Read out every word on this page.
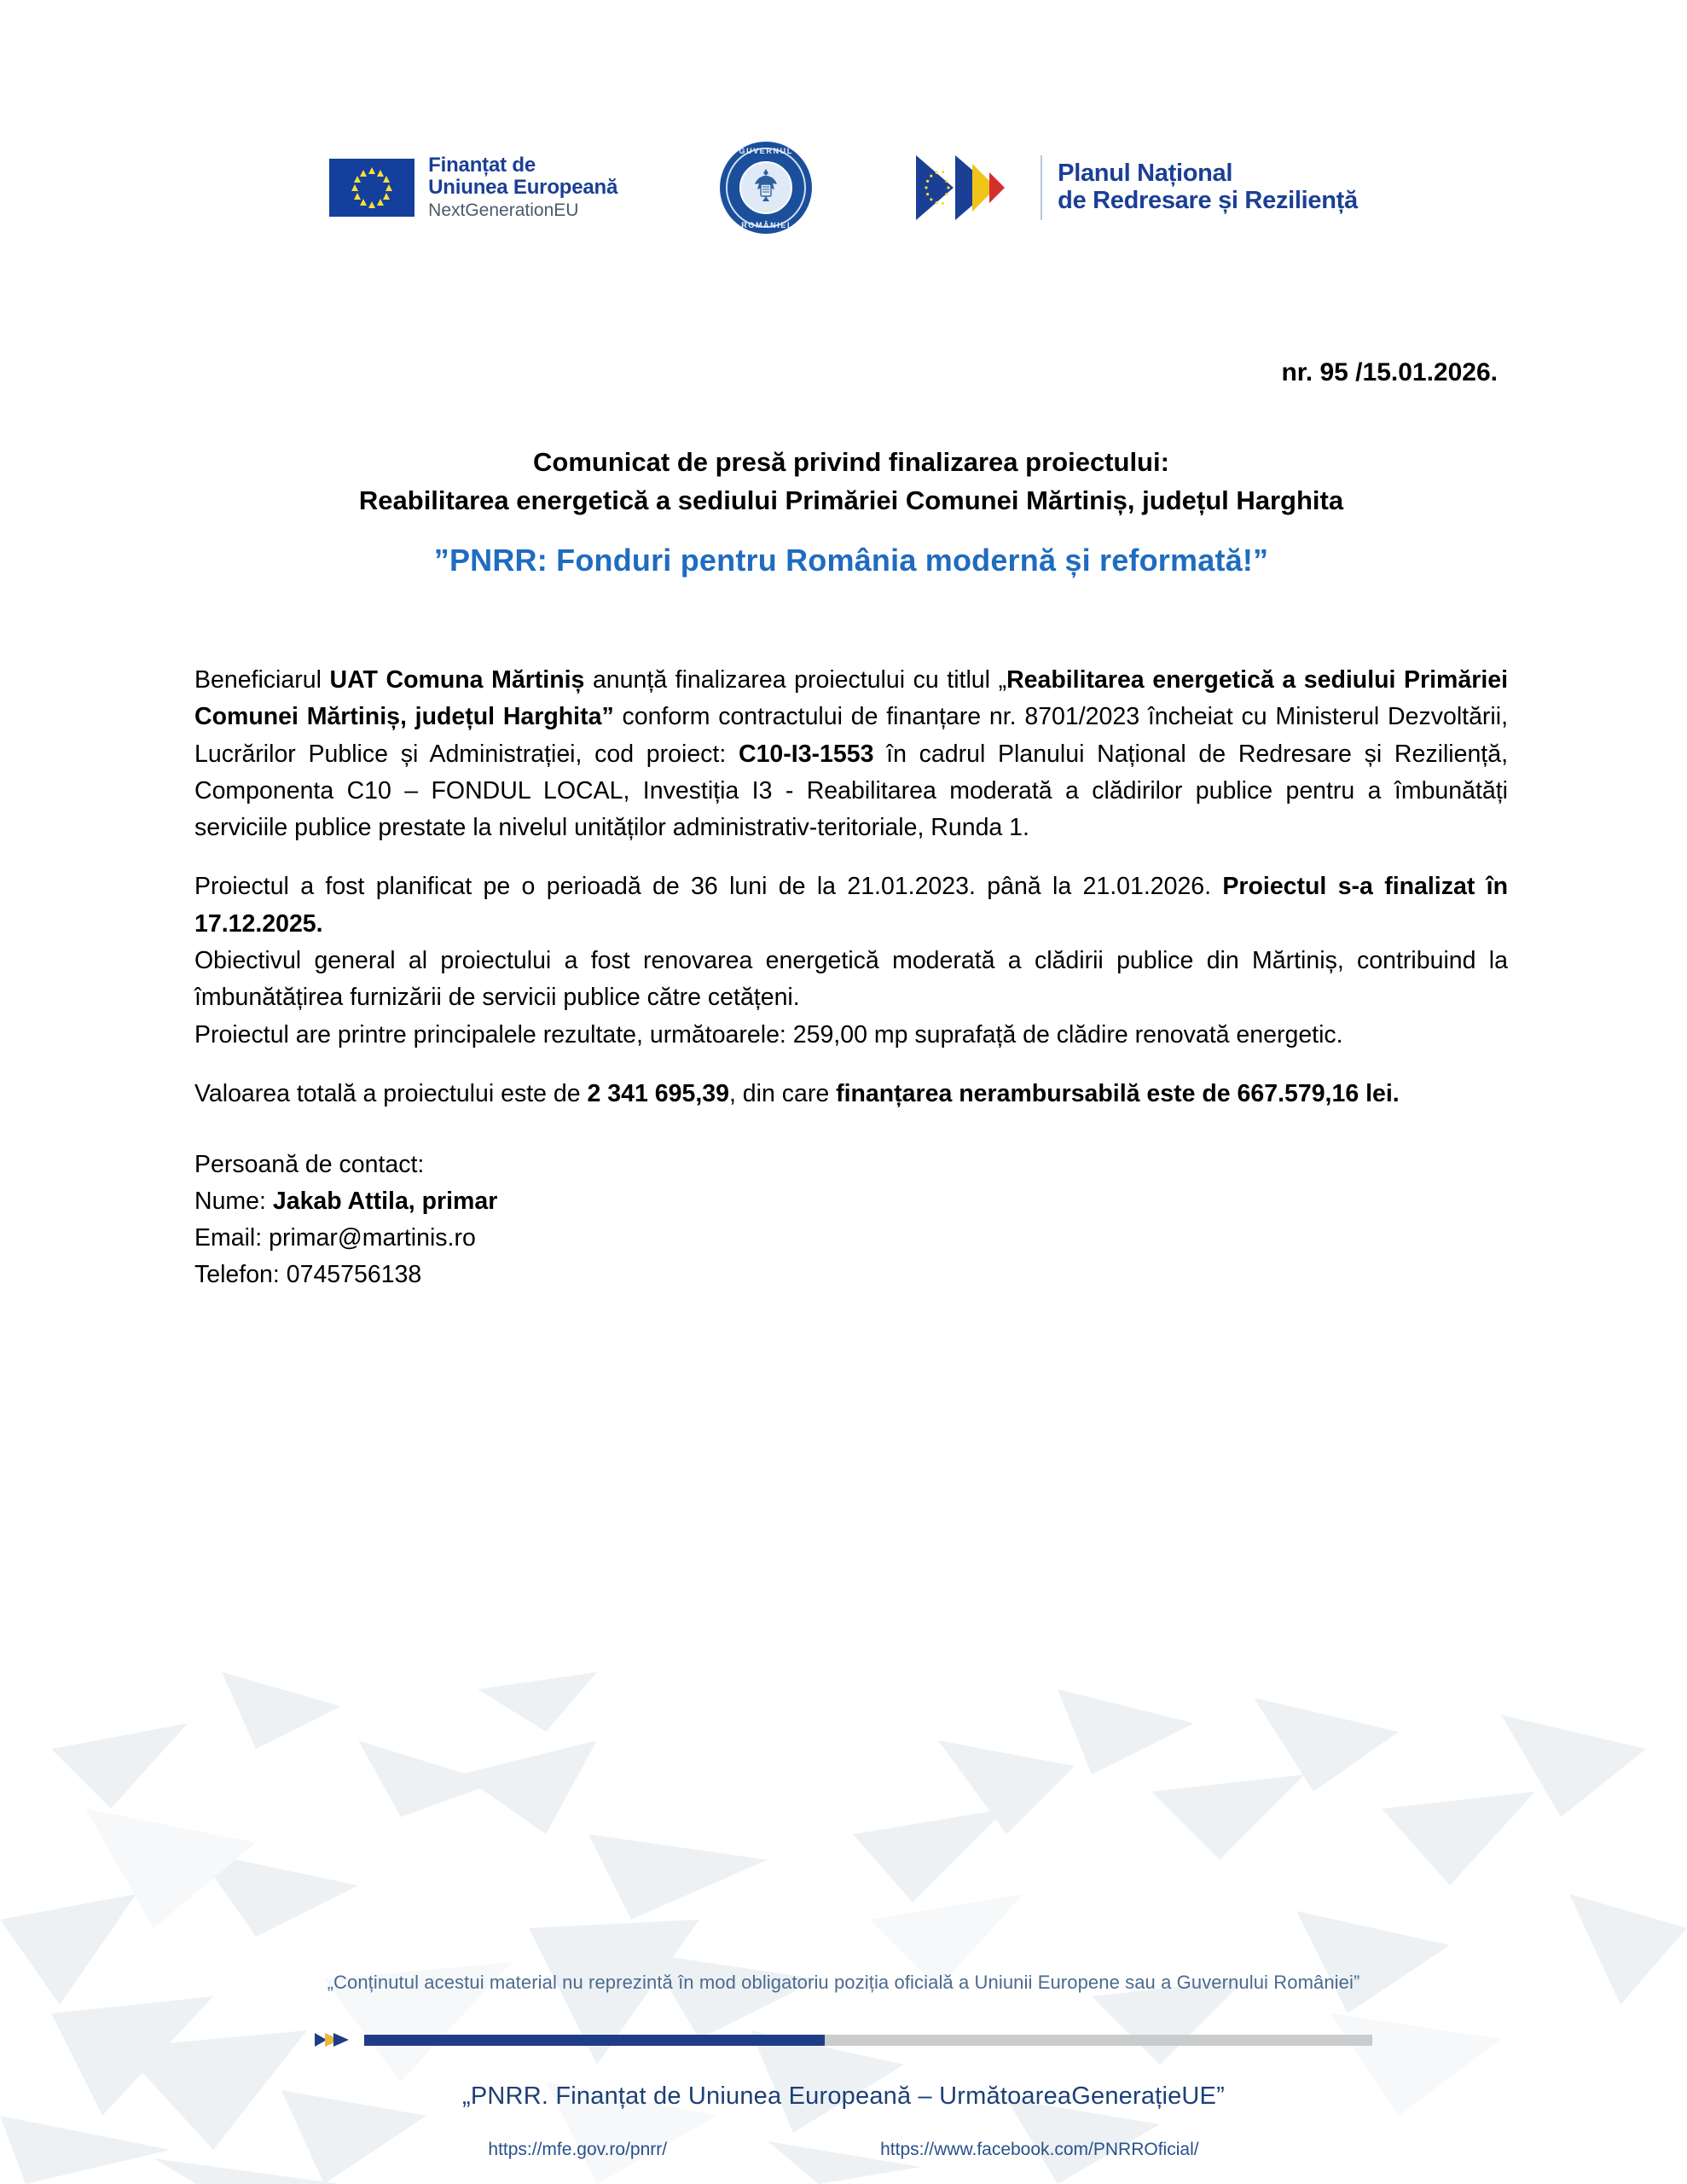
Finanțat de
Uniunea Europeană
NextGenerationEU
GUVERNUL
ROMÂNIEI
Planul Național
de Redresare și Reziliență
nr. 95 /15.01.2026.
Comunicat de presă privind finalizarea proiectului:
Reabilitarea energetică a sediului Primăriei Comunei Mărtiniș, județul Harghita
”PNRR: Fonduri pentru România modernă și reformată!”

Beneficiarul UAT Comuna Mărtiniș anunță finalizarea proiectului cu titlul „Reabilitarea energetică a sediului Primăriei Comunei Mărtiniș, județul Harghita” conform contractului de finanțare nr. 8701/2023 încheiat cu Ministerul Dezvoltării, Lucrărilor Publice și Administrației, cod proiect: C10-I3-1553 în cadrul Planului Național de Redresare și Reziliență, Componenta C10 – FONDUL LOCAL, Investiția I3 - Reabilitarea moderată a clădirilor publice pentru a îmbunătăți serviciile publice prestate la nivelul unităților administrativ-teritoriale, Runda 1.

Proiectul a fost planificat pe o perioadă de 36 luni de la 21.01.2023. până la 21.01.2026. Proiectul s-a finalizat în 17.12.2025.

Obiectivul general al proiectului a fost renovarea energetică moderată a clădirii publice din Mărtiniș, contribuind la îmbunătățirea furnizării de servicii publice către cetățeni.

Proiectul are printre principalele rezultate, următoarele: 259,00 mp suprafață de clădire renovată energetic.

Valoarea totală a proiectului este de 2 341 695,39, din care finanțarea nerambursabilă este de 667.579,16 lei.

Persoană de contact:
Nume: Jakab Attila, primar
Email: primar@martinis.ro
Telefon: 0745756138
„Conținutul acestui material nu reprezintă în mod obligatoriu poziția oficială a Uniunii Europene sau a Guvernului României”
„PNRR. Finanțat de Uniunea Europeană – UrmătoareaGenerațieUE”
https://mfe.gov.ro/pnrr/	https://www.facebook.com/PNRROficial/
